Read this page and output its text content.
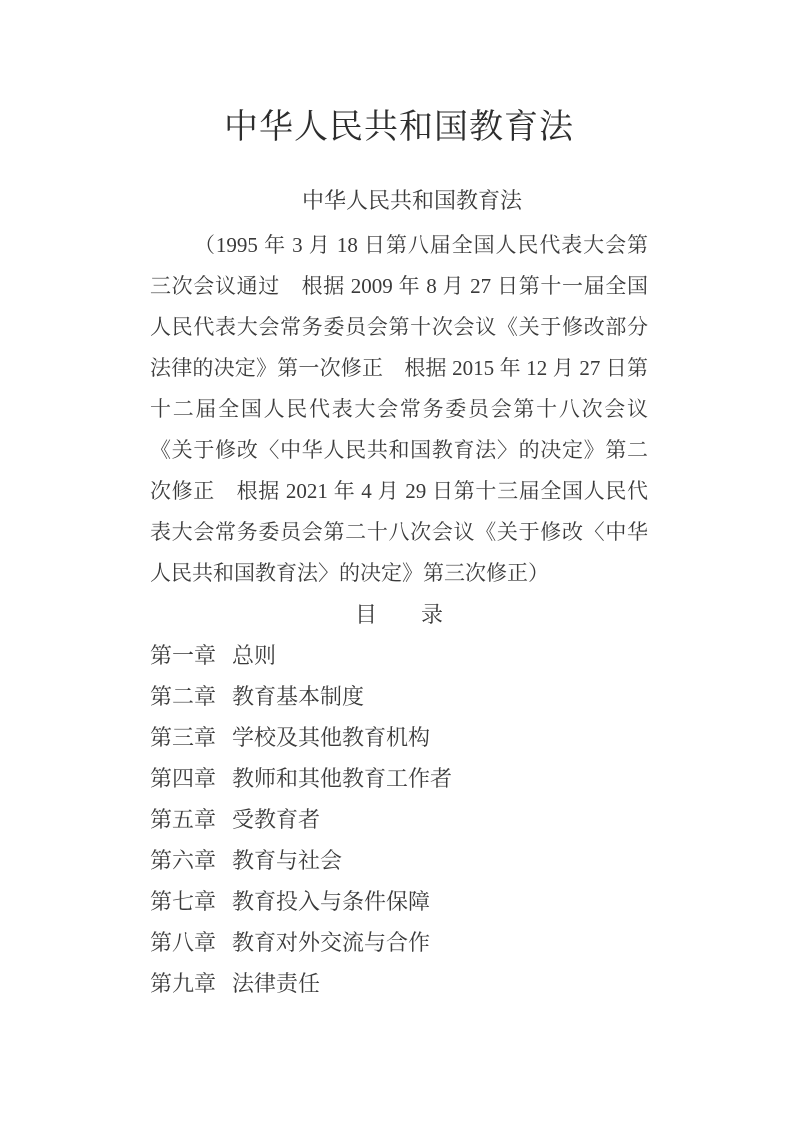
中华人民共和国教育法

中华人民共和国教育法

（1995 年 3 月 18 日第八届全国人民代表大会第三次会议通过　根据 2009 年 8 月 27 日第十一届全国人民代表大会常务委员会第十次会议《关于修改部分法律的决定》第一次修正　根据 2015 年 12 月 27 日第十二届全国人民代表大会常务委员会第十八次会议《关于修改〈中华人民共和国教育法〉的决定》第二次修正　根据 2021 年 4 月 29 日第十三届全国人民代表大会常务委员会第二十八次会议《关于修改〈中华人民共和国教育法〉的决定》第三次修正）

目　　录
第一章 总则
第二章 教育基本制度
第三章 学校及其他教育机构
第四章 教师和其他教育工作者
第五章 受教育者
第六章 教育与社会
第七章 教育投入与条件保障
第八章 教育对外交流与合作
第九章 法律责任
